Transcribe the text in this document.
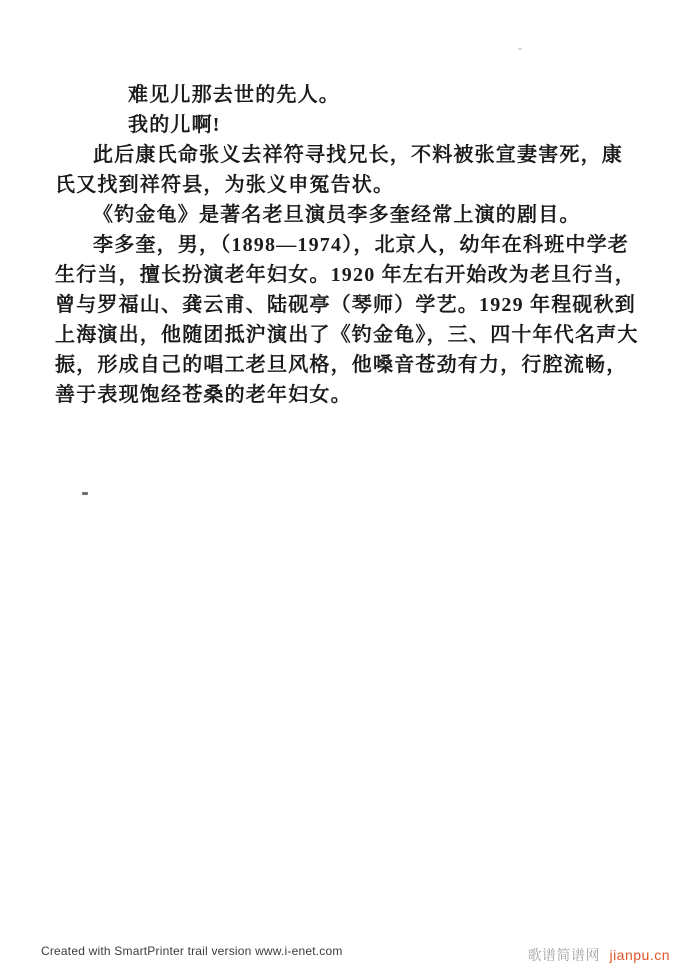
难见儿那去世的先人。
我的儿啊!
此后康氏命张义去祥符寻找兄长，不料被张宣妻害死，康
氏又找到祥符县，为张义申冤告状。
《钓金龟》是著名老旦演员李多奎经常上演的剧目。
李多奎，男，（1898—1974），北京人，幼年在科班中学老
生行当，擅长扮演老年妇女。1920 年左右开始改为老旦行当，
曾与罗福山、龚云甫、陆砚亭（琴师）学艺。1929 年程砚秋到
上海演出，他随团抵沪演出了《钓金龟》，三、四十年代名声大
振，形成自己的唱工老旦风格，他嗓音苍劲有力，行腔流畅，
善于表现饱经苍桑的老年妇女。
Created with SmartPrinter trail version www.i-enet.com	歌谱简谱网 jianpu.cn
